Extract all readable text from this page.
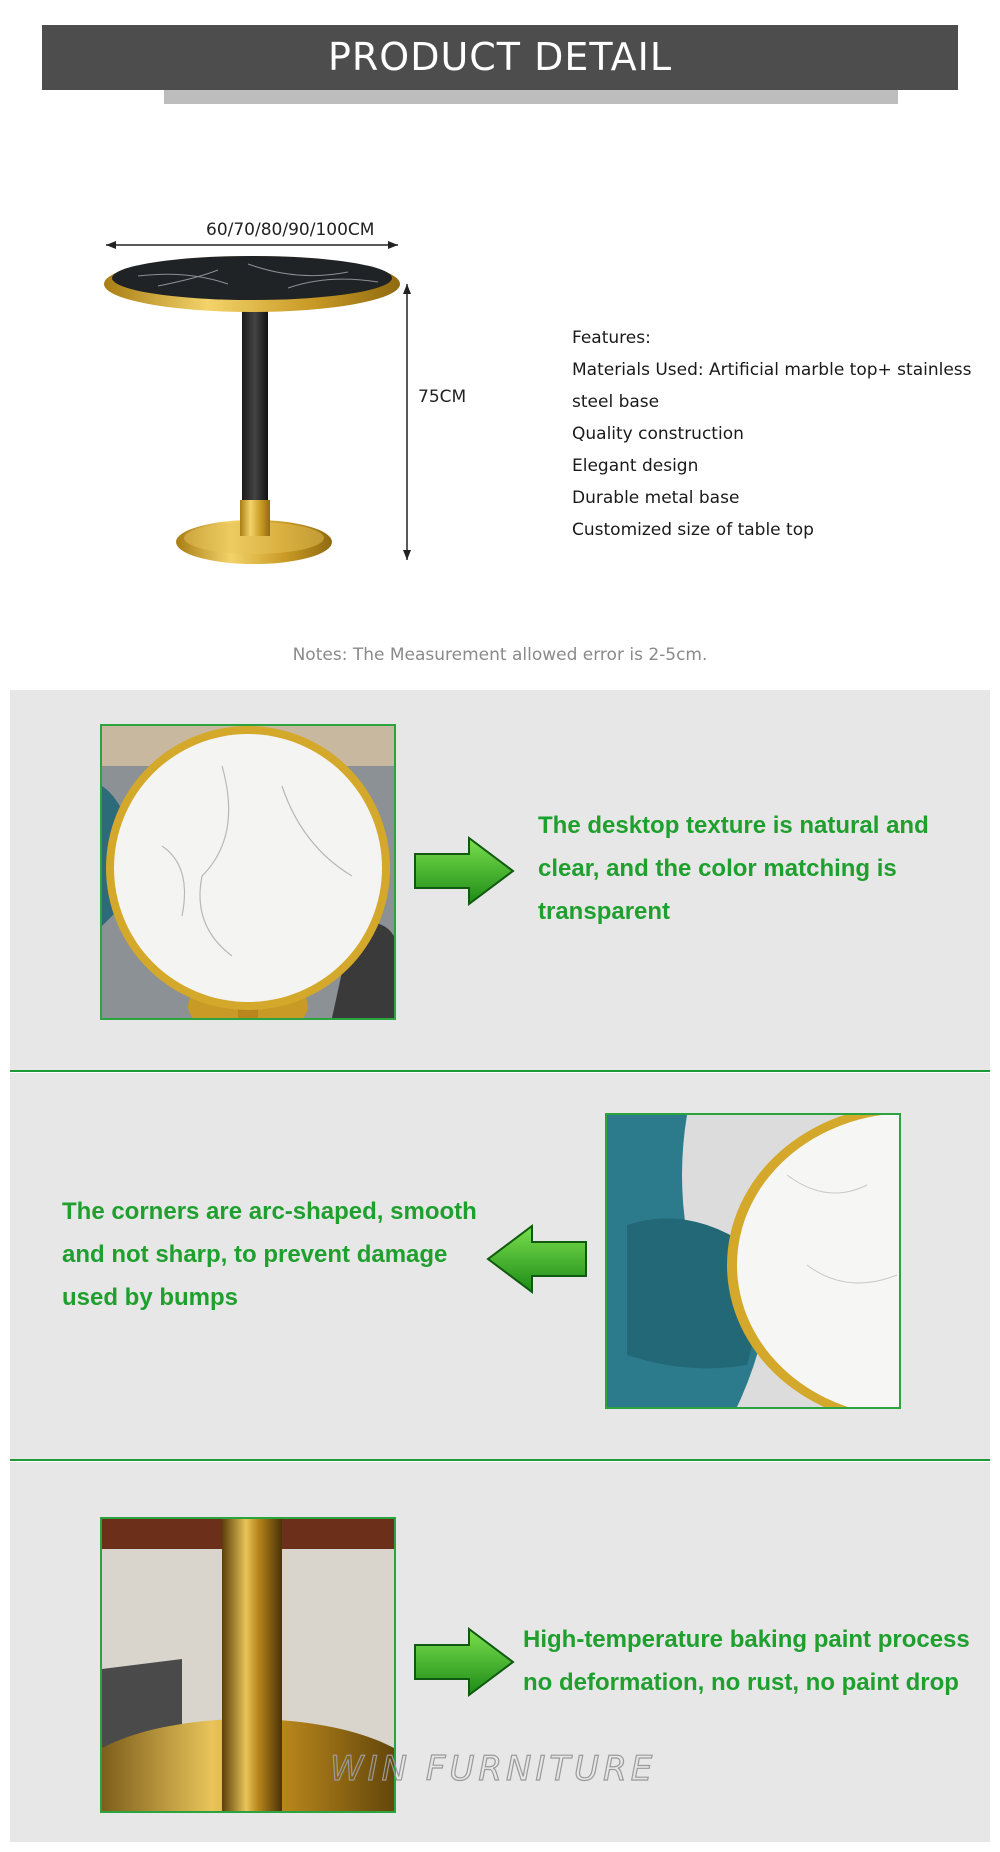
PRODUCT DETAIL
60/70/80/90/100CM
75CM
Features:
Materials Used: Artificial marble top+ stainless
steel base
Quality construction
Elegant design
Durable metal base
Customized size of table top
Notes: The Measurement allowed error is 2-5cm.
The desktop texture is natural and
clear, and the color matching is
transparent
The corners are arc-shaped, smooth
and not sharp, to prevent damage
used by bumps
High-temperature baking paint process
no deformation, no rust, no paint drop
WIN FURNITURE
